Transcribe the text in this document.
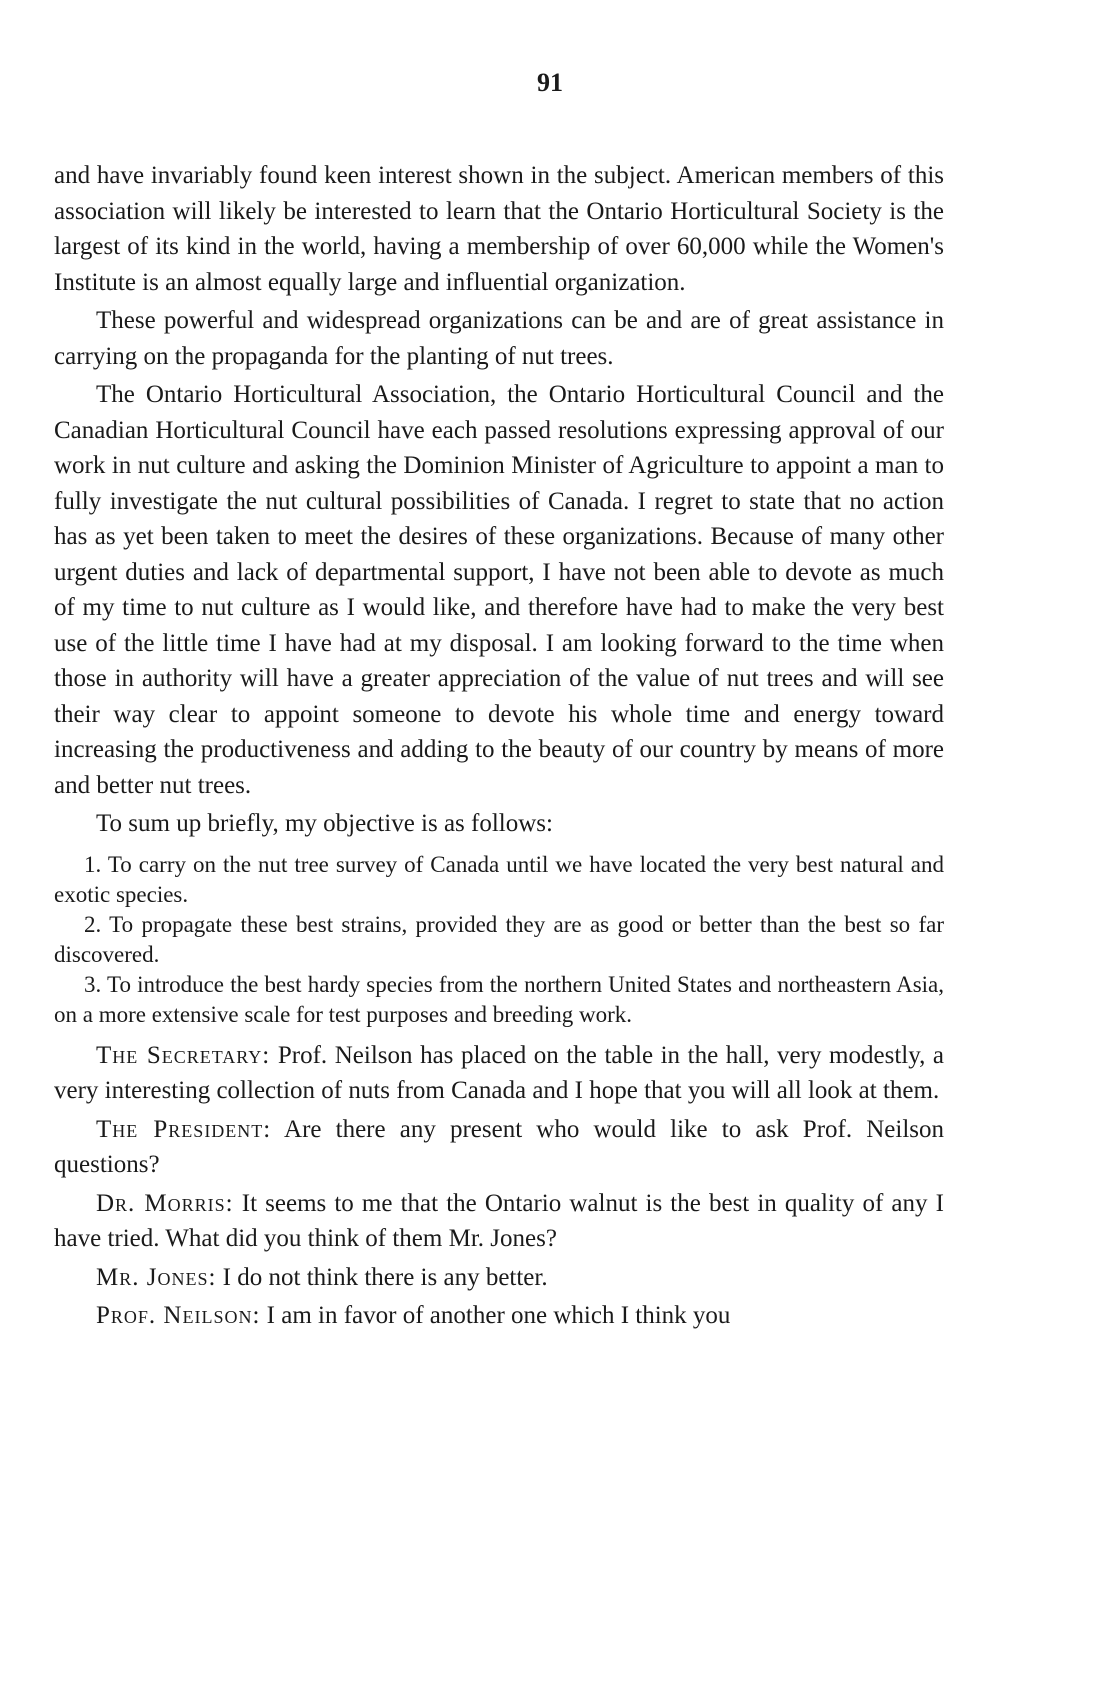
91

and have invariably found keen interest shown in the subject. American members of this association will likely be interested to learn that the Ontario Horticultural Society is the largest of its kind in the world, having a membership of over 60,000 while the Women's Institute is an almost equally large and influential organization.

These powerful and widespread organizations can be and are of great assistance in carrying on the propaganda for the planting of nut trees.

The Ontario Horticultural Association, the Ontario Horticultural Council and the Canadian Horticultural Council have each passed resolutions expressing approval of our work in nut culture and asking the Dominion Minister of Agriculture to appoint a man to fully investigate the nut cultural possibilities of Canada. I regret to state that no action has as yet been taken to meet the desires of these organizations. Because of many other urgent duties and lack of departmental support, I have not been able to devote as much of my time to nut culture as I would like, and therefore have had to make the very best use of the little time I have had at my disposal. I am looking forward to the time when those in authority will have a greater appreciation of the value of nut trees and will see their way clear to appoint someone to devote his whole time and energy toward increasing the productiveness and adding to the beauty of our country by means of more and better nut trees.

To sum up briefly, my objective is as follows:

1. To carry on the nut tree survey of Canada until we have located the very best natural and exotic species.

2. To propagate these best strains, provided they are as good or better than the best so far discovered.

3. To introduce the best hardy species from the northern United States and northeastern Asia, on a more extensive scale for test purposes and breeding work.

The Secretary: Prof. Neilson has placed on the table in the hall, very modestly, a very interesting collection of nuts from Canada and I hope that you will all look at them.

The President: Are there any present who would like to ask Prof. Neilson questions?

Dr. Morris: It seems to me that the Ontario walnut is the best in quality of any I have tried. What did you think of them Mr. Jones?

Mr. Jones: I do not think there is any better.

Prof. Neilson: I am in favor of another one which I think you
